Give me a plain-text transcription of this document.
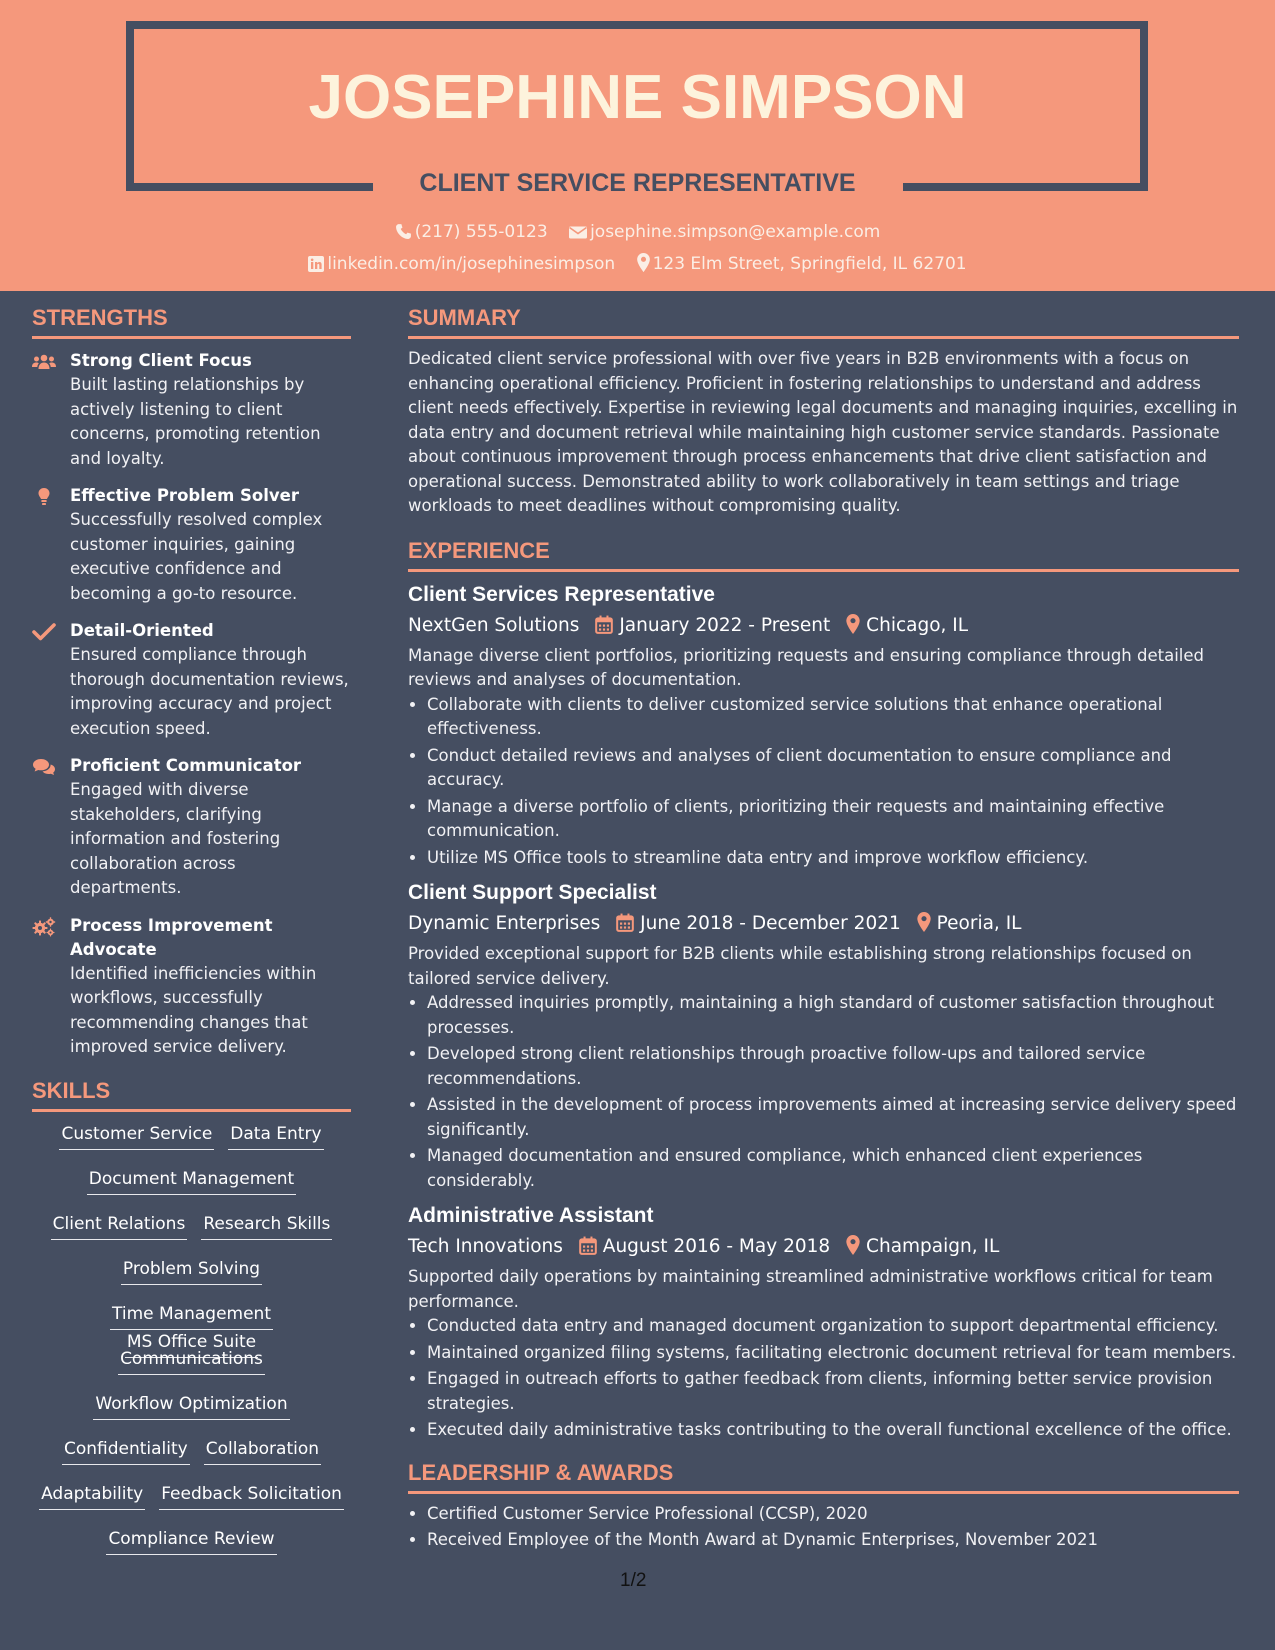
JOSEPHINE SIMPSON
CLIENT SERVICE REPRESENTATIVE
(217) 555-0123 josephine.simpson@example.com
linkedin.com/in/josephinesimpson 123 Elm Street, Springfield, IL 62701
STRENGTHS
Strong Client Focus
Built lasting relationships by actively listening to client concerns, promoting retention and loyalty.
Effective Problem Solver
Successfully resolved complex customer inquiries, gaining executive confidence and becoming a go-to resource.
Detail-Oriented
Ensured compliance through thorough documentation reviews, improving accuracy and project execution speed.
Proficient Communicator
Engaged with diverse stakeholders, clarifying information and fostering collaboration across departments.
Process Improvement Advocate
Identified inefficiencies within workflows, successfully recommending changes that improved service delivery.
SKILLS
Customer Service Data Entry
Document Management
Client Relations Research Skills
Problem Solving
Time ManagementMS Office Suite
Communications
Workflow Optimization
Confidentiality Collaboration
Adaptability Feedback Solicitation
Compliance Review
SUMMARY

Dedicated client service professional with over five years in B2B environments with a focus on enhancing operational efficiency. Proficient in fostering relationships to understand and address client needs effectively. Expertise in reviewing legal documents and managing inquiries, excelling in data entry and document retrieval while maintaining high customer service standards. Passionate about continuous improvement through process enhancements that drive client satisfaction and operational success. Demonstrated ability to work collaboratively in team settings and triage workloads to meet deadlines without compromising quality.

EXPERIENCE
Client Services Representative
NextGen Solutions January 2022 - Present Chicago, IL
Manage diverse client portfolios, prioritizing requests and ensuring compliance through detailed reviews and analyses of documentation.
• Collaborate with clients to deliver customized service solutions that enhance operational effectiveness.
• Conduct detailed reviews and analyses of client documentation to ensure compliance and accuracy.
• Manage a diverse portfolio of clients, prioritizing their requests and maintaining effective communication.
• Utilize MS Office tools to streamline data entry and improve workflow efficiency.
Client Support Specialist
Dynamic Enterprises June 2018 - December 2021 Peoria, IL
Provided exceptional support for B2B clients while establishing strong relationships focused on tailored service delivery.
• Addressed inquiries promptly, maintaining a high standard of customer satisfaction throughout processes.
• Developed strong client relationships through proactive follow-ups and tailored service recommendations.
• Assisted in the development of process improvements aimed at increasing service delivery speed significantly.
• Managed documentation and ensured compliance, which enhanced client experiences considerably.
Administrative Assistant
Tech Innovations August 2016 - May 2018 Champaign, IL
Supported daily operations by maintaining streamlined administrative workflows critical for team performance.
• Conducted data entry and managed document organization to support departmental efficiency.
• Maintained organized filing systems, facilitating electronic document retrieval for team members.
• Engaged in outreach efforts to gather feedback from clients, informing better service provision strategies.
• Executed daily administrative tasks contributing to the overall functional excellence of the office.
LEADERSHIP & AWARDS
• Certified Customer Service Professional (CCSP), 2020
• Received Employee of the Month Award at Dynamic Enterprises, November 2021
1/2
